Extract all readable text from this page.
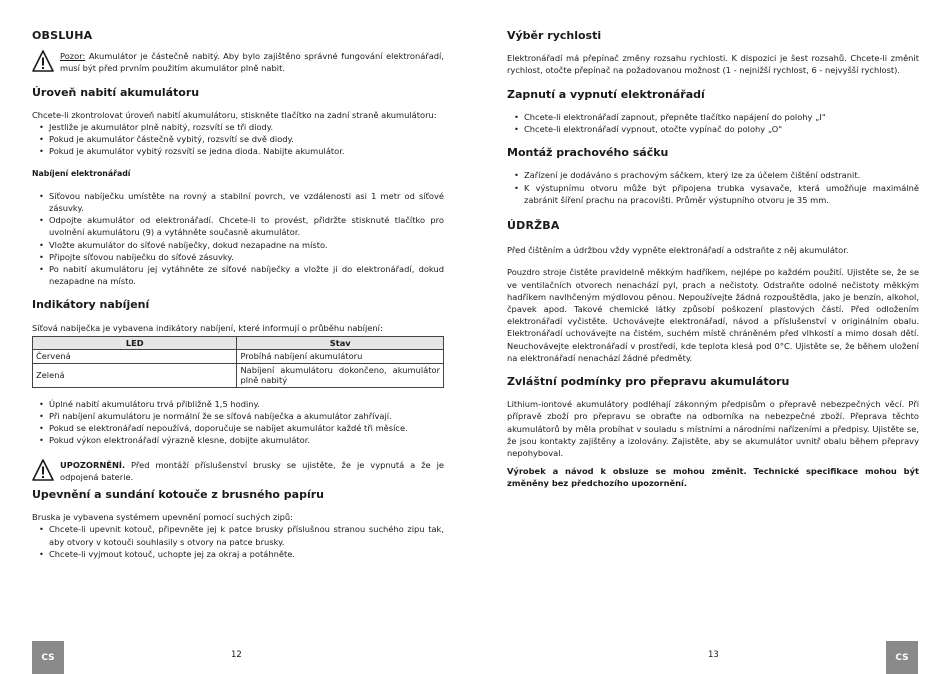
OBSLUHA
Pozor: Akumulátor je částečně nabitý. Aby bylo zajištěno správné fungování elektronářadí, musí být před prvním použitím akumulátor plně nabit.
Úroveň nabití akumulátoru

Chcete-li zkontrolovat úroveň nabití akumulátoru, stiskněte tlačítko na zadní straně akumulátoru:

• Jestliže je akumulátor plně nabitý, rozsvítí se tři diody.
• Pokud je akumulátor částečně vybitý, rozsvítí se dvě diody.
• Pokud je akumulátor vybitý rozsvítí se jedna dioda. Nabijte akumulátor.
Nabíjení elektronářadí
• Síťovou nabíječku umístěte na rovný a stabilní povrch, ve vzdálenosti asi 1 metr od síťové zásuvky.
• Odpojte akumulátor od elektronářadí. Chcete-li to provést, přidržte stisknuté tlačítko pro uvolnění akumulátoru (9) a vytáhněte současně akumulátor.
• Vložte akumulátor do síťové nabíječky, dokud nezapadne na místo.
• Připojte síťovou nabíječku do síťové zásuvky.
• Po nabití akumulátoru jej vytáhněte ze síťové nabíječky a vložte ji do elektronářadí, dokud nezapadne na místo.
Indikátory nabíjení

Síťová nabíječka je vybavena indikátory nabíjení, které informují o průběhu nabíjení:

LED	Stav
Červená	Probíhá nabíjení akumulátoru
Zelená	Nabíjení akumulátoru dokončeno, akumulátor plně nabitý
• Úplné nabití akumulátoru trvá přibližně 1,5 hodiny.
• Při nabíjení akumulátoru je normální že se síťová nabíječka a akumulátor zahřívají.
• Pokud se elektronářadí nepoužívá, doporučuje se nabíjet akumulátor každé tři měsíce.
• Pokud výkon elektronářadí výrazně klesne, dobijte akumulátor.
UPOZORNĚNÍ. Před montáží příslušenství brusky se ujistěte, že je vypnutá a že je odpojená baterie.
Upevnění a sundání kotouče z brusného papíru

Bruska je vybavena systémem upevnění pomocí suchých zipů:

• Chcete-li upevnit kotouč, připevněte jej k patce brusky příslušnou stranou suchého zipu tak, aby otvory v kotouči souhlasily s otvory na patce brusky.
• Chcete-li vyjmout kotouč, uchopte jej za okraj a potáhněte.
CS	12
Výběr rychlosti

Elektronářadí má přepínač změny rozsahu rychlosti. K dispozici je šest rozsahů. Chcete-li změnit rychlost, otočte přepínač na požadovanou možnost (1 - nejnižší rychlost, 6 - nejvyšší rychlost).

Zapnutí a vypnutí elektronářadí
• Chcete-li elektronářadí zapnout, přepněte tlačítko napájení do polohy „I"
• Chcete-li elektronářadí vypnout, otočte vypínač do polohy „O"
Montáž prachového sáčku
• Zařízení je dodáváno s prachovým sáčkem, který lze za účelem čištění odstranit.
• K výstupnímu otvoru může být připojena trubka vysavače, která umožňuje maximálně zabránit šíření prachu na pracovišti. Průměr výstupního otvoru je 35 mm.
ÚDRŽBA

Před čištěním a údržbou vždy vypněte elektronářadí a odstraňte z něj akumulátor.

Pouzdro stroje čistěte pravidelně měkkým hadříkem, nejlépe po každém použití. Ujistěte se, že se ve ventilačních otvorech nenachází pyl, prach a nečistoty. Odstraňte odolné nečistoty měkkým hadříkem navlhčeným mýdlovou pěnou. Nepoužívejte žádná rozpouštědla, jako je benzín, alkohol, čpavek apod. Takové chemické látky způsobí poškození plastových částí. Před odložením elektronářadí vyčistěte. Uchovávejte elektronářadí, návod a příslušenství v originálním obalu. Elektronářadí uchovávejte na čistém, suchém místě chráněném před vlhkostí a mimo dosah dětí. Neuchovávejte elektronářadí v prostředí, kde teplota klesá pod 0°C. Ujistěte se, že během uložení na elektronářadí nenachází žádné předměty.

Zvláštní podmínky pro přepravu akumulátoru

Lithium-iontové akumulátory podléhají zákonným předpisům o přepravě nebezpečných věcí. Při přípravě zboží pro přepravu se obraťte na odborníka na nebezpečné zboží. Přeprava těchto akumulátorů by měla probíhat v souladu s místními a národními nařízeními a předpisy. Ujistěte se, že jsou kontakty zajištěny a izolovány. Zajistěte, aby se akumulátor uvnitř obalu během přepravy nepohyboval.

Výrobek a návod k obsluze se mohou změnit. Technické specifikace mohou být změněny bez předchozího upozornění.

13	CS
